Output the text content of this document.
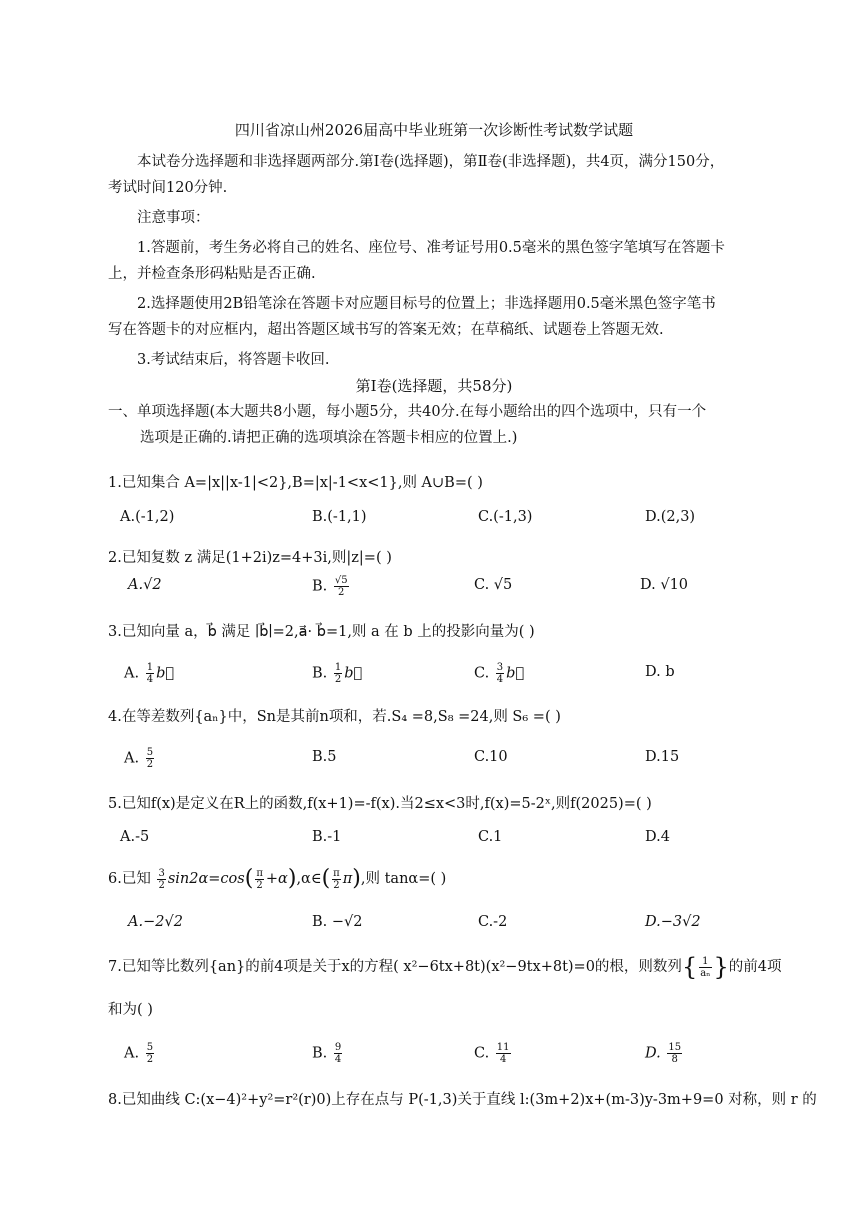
四川省凉山州2026届高中毕业班第一次诊断性考试数学试题
本试卷分选择题和非选择题两部分.第Ⅰ卷(选择题)，第Ⅱ卷(非选择题)，共4页，满分150分，
考试时间120分钟.
注意事项：
1.答题前，考生务必将自己的姓名、座位号、准考证号用0.5毫米的黑色签字笔填写在答题卡
上，并检查条形码粘贴是否正确.
2.选择题使用2B铅笔涂在答题卡对应题目标号的位置上；非选择题用0.5毫米黑色签字笔书
写在答题卡的对应框内，超出答题区域书写的答案无效；在草稿纸、试题卷上答题无效.
3.考试结束后，将答题卡收回.
第Ⅰ卷(选择题，共58分)
一、单项选择题(本大题共8小题，每小题5分，共40分.在每小题给出的四个选项中，只有一个
选项是正确的.请把正确的选项填涂在答题卡相应的位置上.)
1.已知集合 A=|x||x-1|<2},B=|x|-1<x<1},则 A∪B=( )
A.(-1,2)	B.(-1,1)	C.(-1,3)	D.(2,3)
2.已知复数 z 满足(1+2i)z=4+3i,则|z|=( )
A.√2	B. $\frac{√5}{2}$	C. √5	D. √10
3.已知向量 a，b⃗ 满足 ∣b⃗∣=2,a⃗· b⃗=1,则 a 在 b 上的投影向量为( )
A. $\frac{1}{4}$ b⃗	B. $\frac{1}{2}$ b⃗	C. $\frac{3}{4}$ b⃗	D. b
4.在等差数列{aₙ}中，Sn是其前n项和，若.S₄ =8,S₈ =24,则 S₆ =( )
A. $\frac{5}{2}$	B.5	C.10	D.15
5.已知f(x)是定义在R上的函数,f(x+1)=-f(x).当2≤x<3时,f(x)=5-2ˣ,则f(2025)=( )
A.-5	B.-1	C.1	D.4
6.已知 $\frac{3}{2} \sin 2\alpha=\cos( \frac{\pi}{2}$ +α),α∈( $\frac{\pi}{2} \pi$),则 tanα=( )
A.−2√2	B. −√2	C.-2	D.−3√2
7.已知等比数列{an}的前4项是关于x的方程( x²−6tx+8t)(x²−9tx+8t)=0的根，则数列{ $\frac{1}{\text{aₙ}}$ }的前4项
和为( )
A. $\frac{5}{2}$	B. $\frac{9}{4}$	C. $\frac{11}{4}$	D. $\frac{15}{8}$
8.已知曲线 C:(x−4)²+y²=r²(r)0)上存在点与 P(-1,3)关于直线 l:(3m+2)x+(m-3)y-3m+9=0 对称，则 r 的
